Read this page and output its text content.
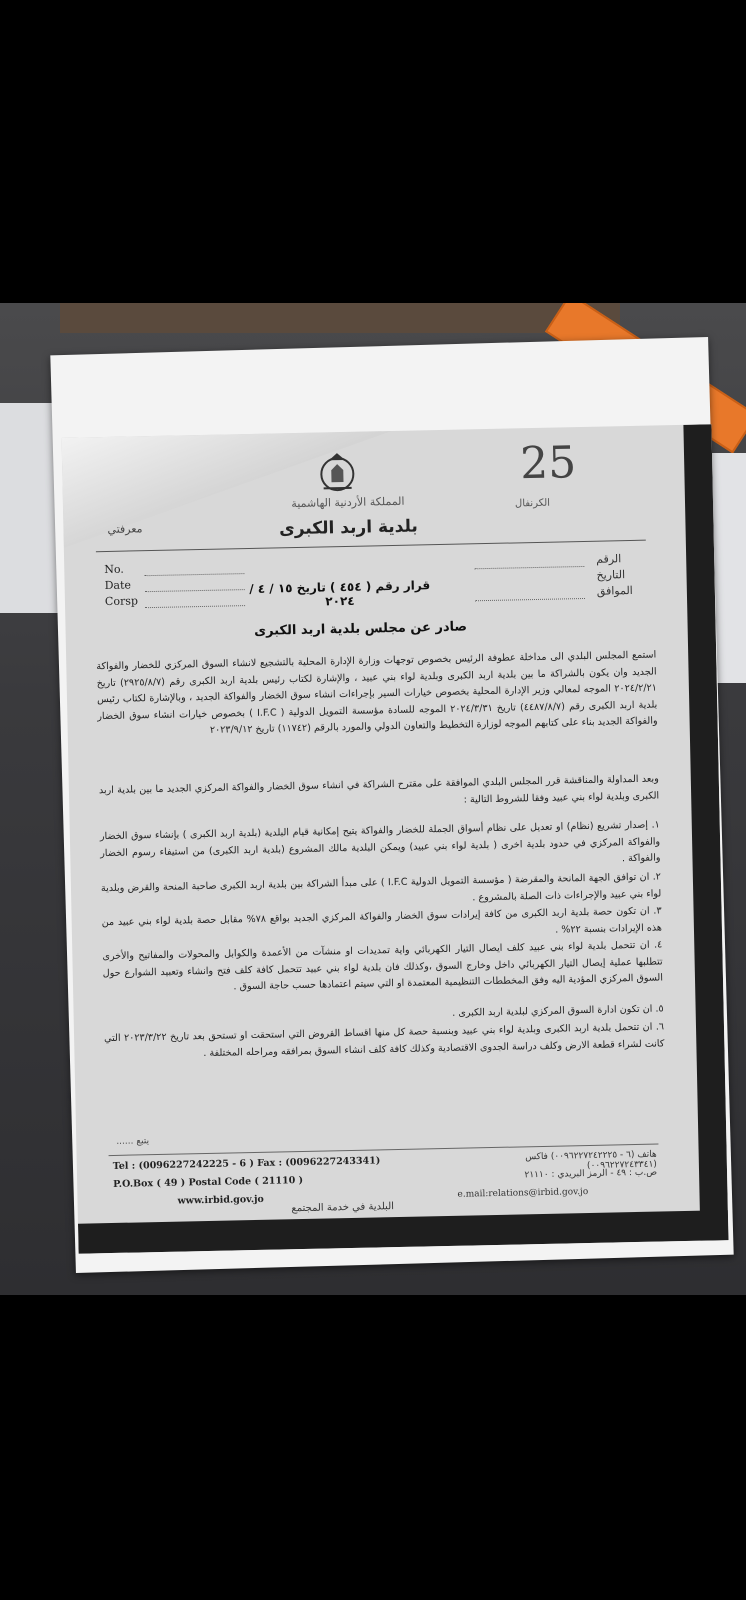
25
الكرنفال
معرفتي
المملكة الأردنية الهاشمية
بلدية اربد الكبرى
No.
Date
Corsp
الرقم
التاريخ
الموافق
قرار رقم ( ٤٥٤ ) تاريخ ١٥ / ٤ /٢٠٢٤
صادر عن مجلس بلدية اربد الكبرى
استمع المجلس البلدي الى مداخلة عطوفة الرئيس بخصوص توجهات وزارة الإدارة المحلية بالتشجيع لانشاء السوق المركزي للخضار والفواكة الجديد وان يكون بالشراكة ما بين بلدية اربد الكبرى وبلدية لواء بني عبيد ، والإشارة لكتاب رئيس بلدية اربد الكبرى رقم (٢٩٢٥/٨/٧) تاريخ ٢٠٢٤/٢/٢١ الموجه لمعالي وزير الإدارة المحلية بخصوص خيارات السير بإجراءات انشاء سوق الخضار والفواكة الجديد ، وبالإشارة لكتاب رئيس بلدية اربد الكبرى رقم (٤٤٨٧/٨/٧) تاريخ ٢٠٢٤/٣/٣١ الموجه للسادة مؤسسة التمويل الدولية ( I.F.C ) بخصوص خيارات انشاء سوق الخضار والفواكة الجديد بناء على كتابهم الموجه لوزارة التخطيط والتعاون الدولي والمورد بالرقم (١١٧٤٢) تاريخ ٢٠٢٣/٩/١٢
وبعد المداولة والمناقشة قرر المجلس البلدي الموافقة على مقترح الشراكة في انشاء سوق الخضار والفواكة المركزي الجديد ما بين بلدية اربد الكبرى وبلدية لواء بني عبيد وفقا للشروط التالية :
١. إصدار تشريع (نظام) او تعديل على نظام أسواق الجملة للخضار والفواكة يتيح إمكانية قيام البلدية (بلدية اربد الكبرى ) بإنشاء سوق الخضار والفواكة المركزي في حدود بلدية اخرى ( بلدية لواء بني عبيد) ويمكن البلدية مالك المشروع (بلدية اربد الكبرى) من استيفاء رسوم الخضار والفواكة .
٢. ان توافق الجهة المانحة والمقرضة ( مؤسسة التمويل الدولية I.F.C ) على مبدأ الشراكة بين بلدية اربد الكبرى صاحبة المنحة والقرض وبلدية لواء بني عبيد والإجراءات ذات الصلة بالمشروع .
٣. ان تكون حصة بلدية اربد الكبرى من كافة إيرادات سوق الخضار والفواكة المركزي الجديد بواقع ٧٨% مقابل حصة بلدية لواء بني عبيد من هذه الإيرادات بنسبة ٢٢% .
٤. ان تتحمل بلدية لواء بني عبيد كلف ايصال التيار الكهربائي واية تمديدات او منشآت من الأعمدة والكوابل والمحولات والمفاتيح والأخرى تتطلبها عملية إيصال التيار الكهربائي داخل وخارج السوق ،وكذلك فان بلدية لواء بني عبيد تتحمل كافة كلف فتح وانشاء وتعبيد الشوارع حول السوق المركزي المؤدية اليه وفق المخططات التنظيمية المعتمدة او التي سيتم اعتمادها حسب حاجة السوق .
٥. ان تكون ادارة السوق المركزي لبلدية اربد الكبرى .
٦. ان تتحمل بلدية اربد الكبرى وبلدية لواء بني عبيد وبنسبة حصة كل منها اقساط القروض التي استحقت او تستحق بعد تاريخ ٢٠٢٣/٣/٢٢ التي كانت لشراء قطعة الارض وكلف دراسة الجدوى الاقتصادية وكذلك كافة كلف انشاء السوق بمرافقه ومراحله المختلفة .
يتبع ......
Tel : (0096227242225 - 6 ) Fax : (0096227243341)
P.O.Box ( 49 ) Postal Code ( 21110 )
www.irbid.gov.jo
هاتف (٦ - ٠٠٩٦٢٢٧٢٤٢٢٢٥) فاكس (٠٠٩٦٢٢٧٢٤٣٣٤١)
ص.ب : ٤٩ - الرمز البريدي : ٢١١١٠
e.mail:relations@irbid.gov.jo
البلدية في خدمة المجتمع
